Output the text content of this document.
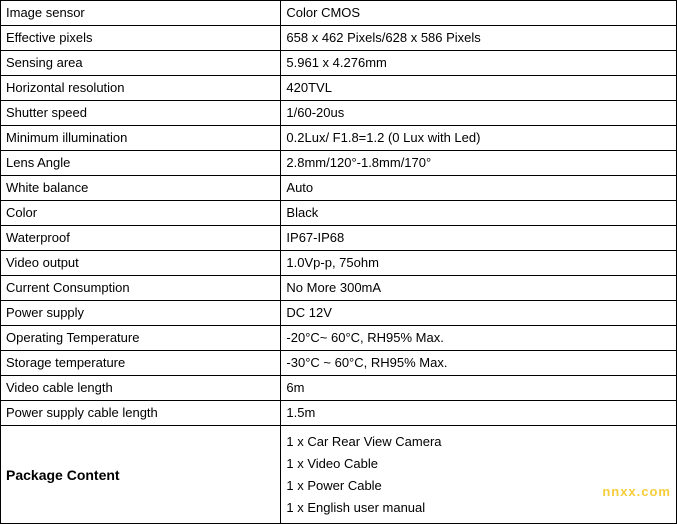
Image sensor	Color CMOS
Effective pixels	658 x 462 Pixels/628 x 586 Pixels
Sensing area	5.961 x 4.276mm
Horizontal resolution	420TVL
Shutter speed	1/60-20us
Minimum illumination	0.2Lux/ F1.8=1.2 (0 Lux with Led)
Lens Angle	2.8mm/120°-1.8mm/170°
White balance	Auto
Color	Black
Waterproof	IP67-IP68
Video output	1.0Vp-p, 75ohm
Current Consumption	No More 300mA
Power supply	DC 12V
Operating Temperature	-20°C~ 60°C, RH95% Max.
Storage temperature	-30°C ~ 60°C, RH95% Max.
Video cable length	6m
Power supply cable length	1.5m
Package Content	1 x Car Rear View Camera
1 x Video Cable
1 x Power Cable
1 x English user manual
nnxx.com
